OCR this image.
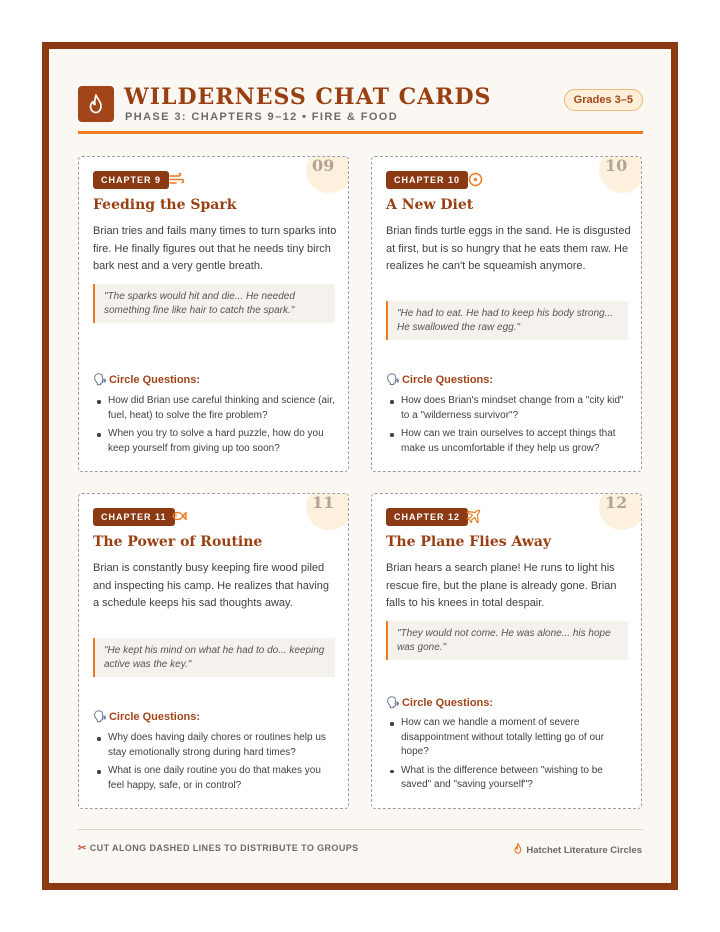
WILDERNESS CHAT CARDS
PHASE 3: CHAPTERS 9–12 • FIRE & FOOD
Grades 3–5
09
CHAPTER 9
Feeding the Spark
Brian tries and fails many times to turn sparks into fire. He finally figures out that he needs tiny birch bark nest and a very gentle breath.
"The sparks would hit and die... He needed something fine like hair to catch the spark."
🗣 Circle Questions:
How did Brian use careful thinking and science (air, fuel, heat) to solve the fire problem?
When you try to solve a hard puzzle, how do you keep yourself from giving up too soon?
10
CHAPTER 10
A New Diet
Brian finds turtle eggs in the sand. He is disgusted at first, but is so hungry that he eats them raw. He realizes he can't be squeamish anymore.
"He had to eat. He had to keep his body strong... He swallowed the raw egg."
🗣 Circle Questions:
How does Brian's mindset change from a "city kid" to a "wilderness survivor"?
How can we train ourselves to accept things that make us uncomfortable if they help us grow?
11
CHAPTER 11
The Power of Routine
Brian is constantly busy keeping fire wood piled and inspecting his camp. He realizes that having a schedule keeps his sad thoughts away.
"He kept his mind on what he had to do... keeping active was the key."
🗣 Circle Questions:
Why does having daily chores or routines help us stay emotionally strong during hard times?
What is one daily routine you do that makes you feel happy, safe, or in control?
12
CHAPTER 12
The Plane Flies Away
Brian hears a search plane! He runs to light his rescue fire, but the plane is already gone. Brian falls to his knees in total despair.
"They would not come. He was alone... his hope was gone."
🗣 Circle Questions:
How can we handle a moment of severe disappointment without totally letting go of our hope?
What is the difference between "wishing to be saved" and "saving yourself"?
✂ CUT ALONG DASHED LINES TO DISTRIBUTE TO GROUPS	Hatchet Literature Circles
